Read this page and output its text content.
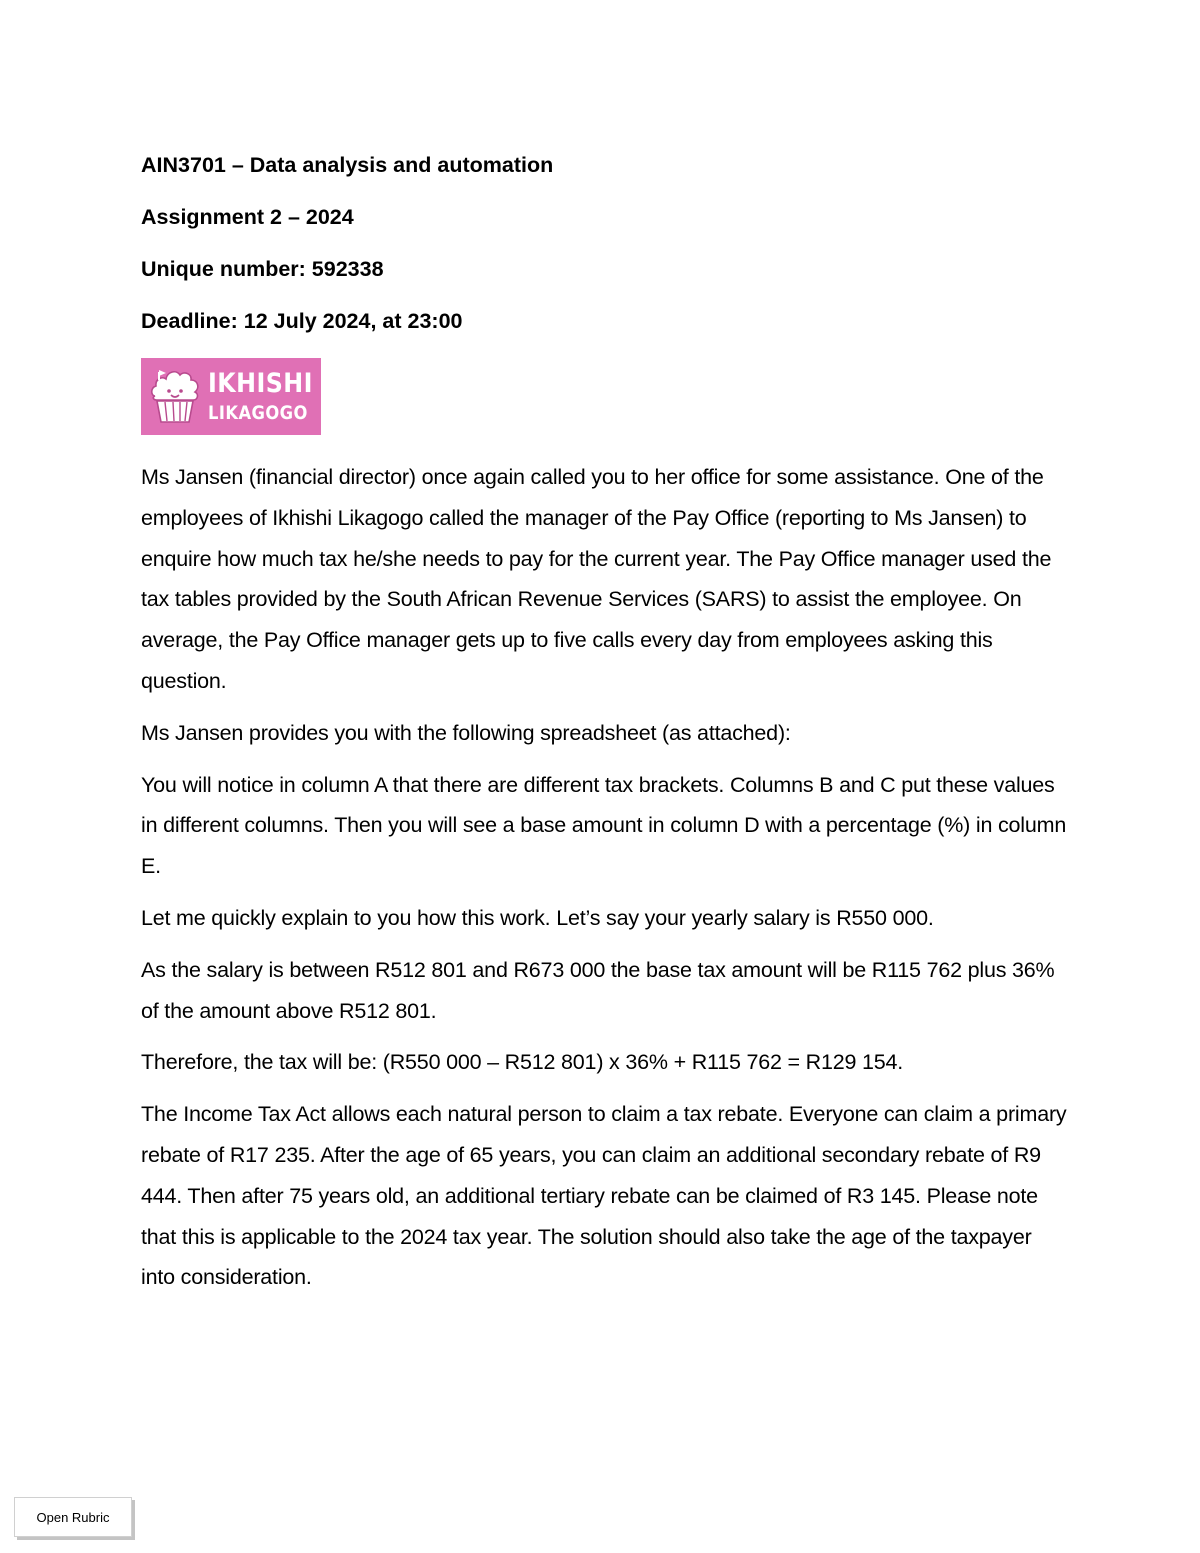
AIN3701 – Data analysis and automation
Assignment 2 – 2024
Unique number: 592338
Deadline: 12 July 2024, at 23:00
IKHISHI
LIKAGOGO

Ms Jansen (financial director) once again called you to her office for some assistance. One of the employees of Ikhishi Likagogo called the manager of the Pay Office (reporting to Ms Jansen) to enquire how much tax he/she needs to pay for the current year. The Pay Office manager used the tax tables provided by the South African Revenue Services (SARS) to assist the employee. On average, the Pay Office manager gets up to five calls every day from employees asking this question.

Ms Jansen provides you with the following spreadsheet (as attached):

You will notice in column A that there are different tax brackets. Columns B and C put these values in different columns. Then you will see a base amount in column D with a percentage (%) in column E.

Let me quickly explain to you how this work. Let’s say your yearly salary is R550 000.

As the salary is between R512 801 and R673 000 the base tax amount will be R115 762 plus 36% of the amount above R512 801.

Therefore, the tax will be: (R550 000 – R512 801) x 36% + R115 762 = R129 154.

The Income Tax Act allows each natural person to claim a tax rebate. Everyone can claim a primary rebate of R17 235. After the age of 65 years, you can claim an additional secondary rebate of R9 444. Then after 75 years old, an additional tertiary rebate can be claimed of R3 145. Please note that this is applicable to the 2024 tax year. The solution should also take the age of the taxpayer into consideration.

Open Rubric
